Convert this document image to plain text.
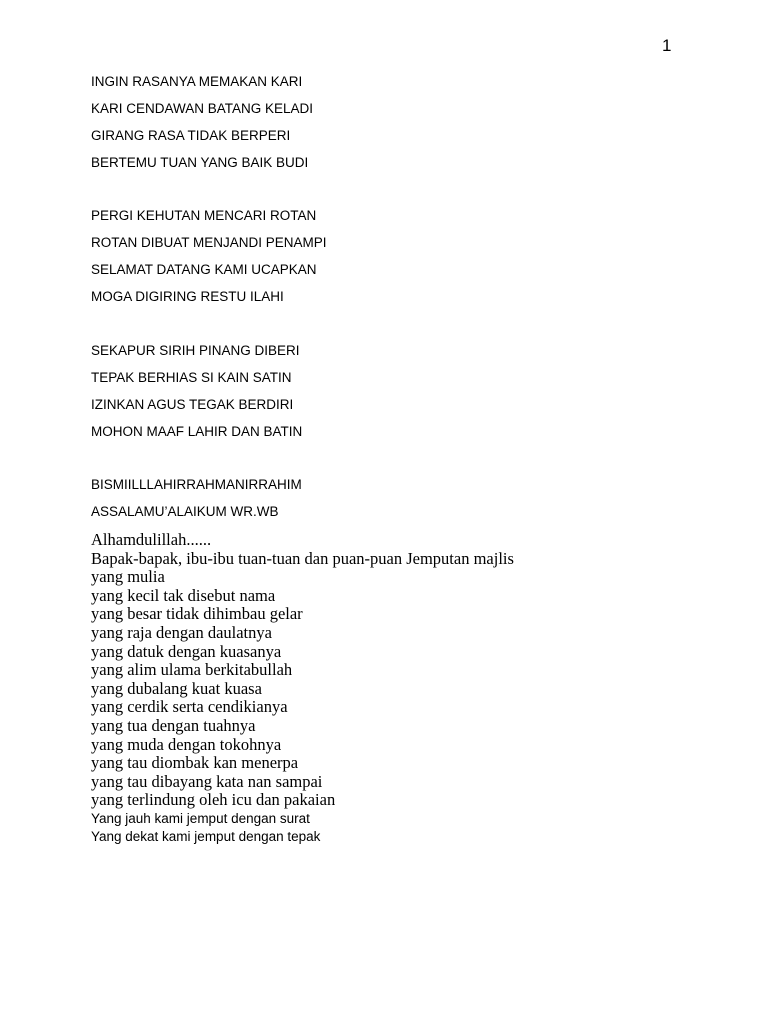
1
INGIN RASANYA MEMAKAN KARI
KARI CENDAWAN BATANG KELADI
GIRANG RASA TIDAK BERPERI
BERTEMU TUAN YANG BAIK BUDI
PERGI KEHUTAN MENCARI ROTAN
ROTAN DIBUAT MENJANDI PENAMPI
SELAMAT DATANG KAMI UCAPKAN
MOGA DIGIRING RESTU ILAHI
SEKAPUR SIRIH PINANG DIBERI
TEPAK BERHIAS SI KAIN SATIN
IZINKAN AGUS TEGAK BERDIRI
MOHON MAAF LAHIR DAN BATIN
BISMIILLLAHIRRAHMANIRRAHIM
ASSALAMU’ALAIKUM WR.WB
Alhamdulillah......
Bapak-bapak, ibu-ibu tuan-tuan dan puan-puan Jemputan majlis
yang mulia
yang kecil tak disebut nama
yang besar tidak dihimbau gelar
yang raja dengan daulatnya
yang datuk dengan kuasanya
yang alim ulama berkitabullah
yang dubalang kuat kuasa
yang cerdik serta cendikianya
yang tua dengan tuahnya
yang muda dengan tokohnya
yang tau diombak kan menerpa
yang tau dibayang kata nan sampai
yang terlindung oleh icu dan pakaian
Yang jauh kami jemput dengan surat
Yang dekat kami jemput dengan tepak
